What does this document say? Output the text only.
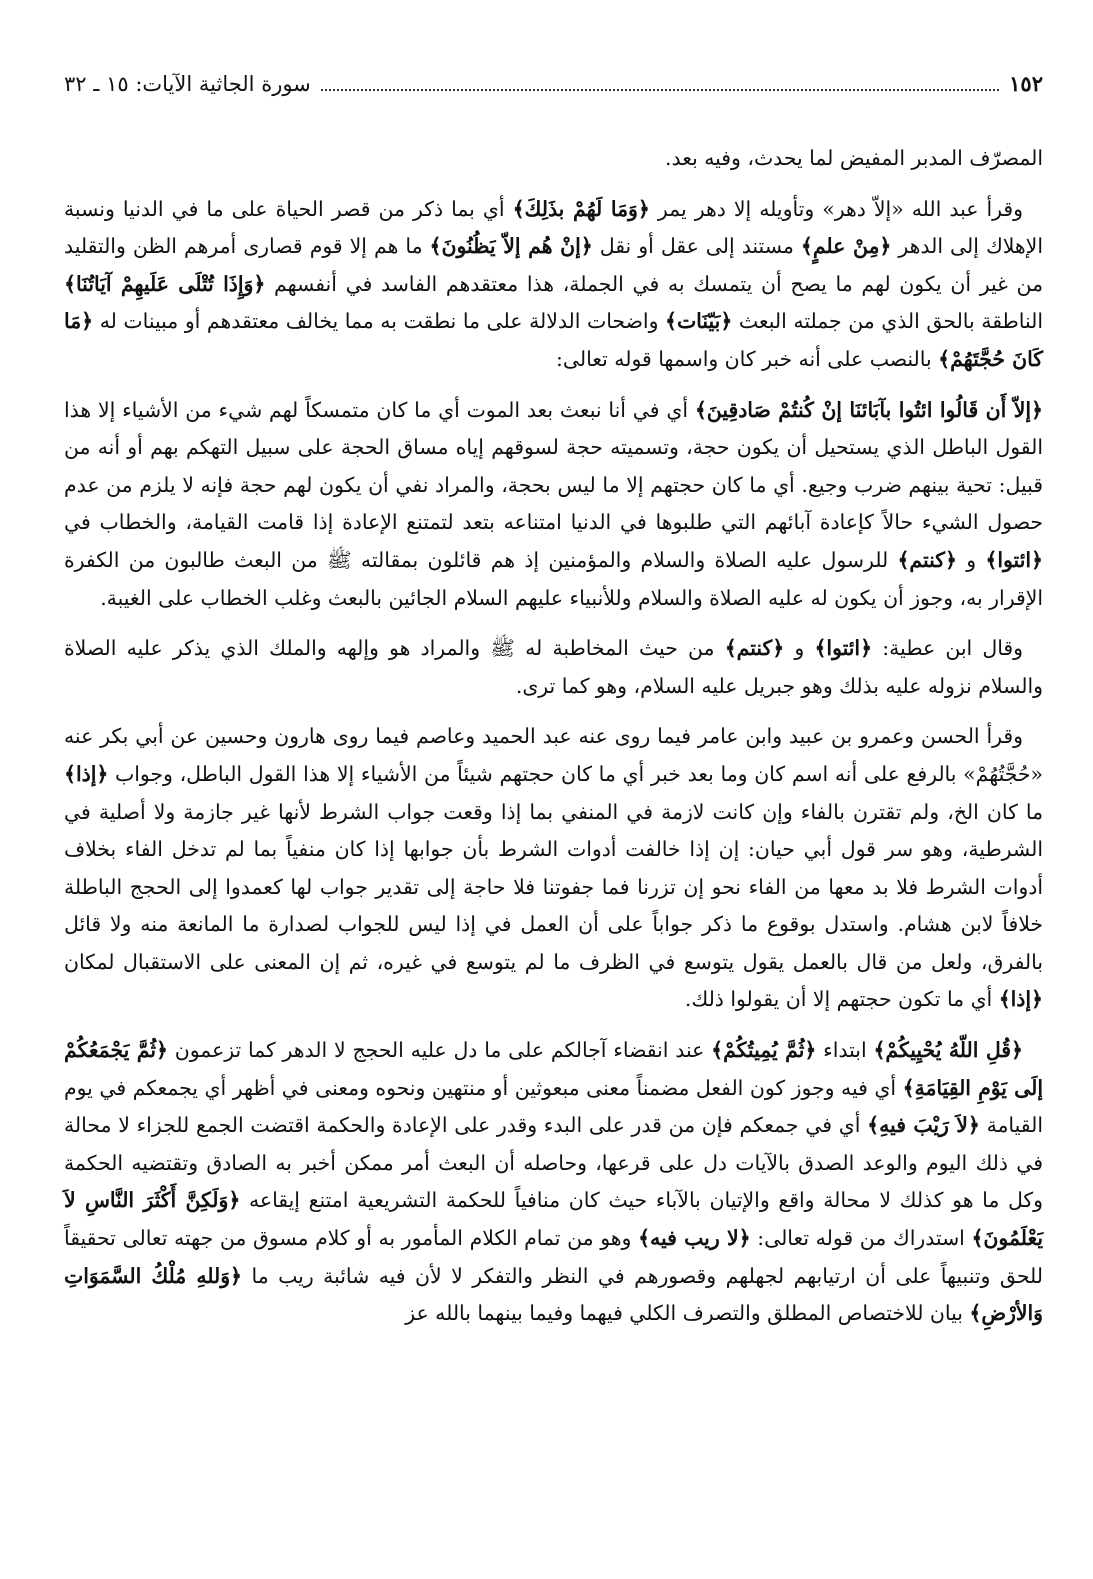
١٥٢
سورة الجاثية الآيات: ١٥ ـ ٣٢

المصرّف المدبر المفيض لما يحدث، وفيه بعد.

وقرأ عبد الله «إلاّ دهر» وتأويله إلا دهر يمر ﴿وَمَا لَهُمْ بذَلِكَ﴾ أي بما ذكر من قصر الحياة على ما في الدنيا ونسبة الإهلاك إلى الدهر ﴿مِنْ علمٍ﴾ مستند إلى عقل أو نقل ﴿إنْ هُم إلاّ يَظُنُونَ﴾ ما هم إلا قوم قصارى أمرهم الظن والتقليد من غير أن يكون لهم ما يصح أن يتمسك به في الجملة، هذا معتقدهم الفاسد في أنفسهم ﴿وَإِذَا تُتْلَى عَلَيهِمْ آيَاتُنَا﴾ الناطقة بالحق الذي من جملته البعث ﴿بَيّنَات﴾ واضحات الدلالة على ما نطقت به مما يخالف معتقدهم أو مبينات له ﴿مَا كَانَ حُجَّتَهُمْ﴾ بالنصب على أنه خبر كان واسمها قوله تعالى:

﴿إلاّ أَن قَالُوا ائتُوا بآبَائنَا إنْ كُنتُمْ صَادقِينَ﴾ أي في أنا نبعث بعد الموت أي ما كان متمسكاً لهم شيء من الأشياء إلا هذا القول الباطل الذي يستحيل أن يكون حجة، وتسميته حجة لسوقهم إياه مساق الحجة على سبيل التهكم بهم أو أنه من قبيل: تحية بينهم ضرب وجيع. أي ما كان حجتهم إلا ما ليس بحجة، والمراد نفي أن يكون لهم حجة فإنه لا يلزم من عدم حصول الشيء حالاً كإعادة آبائهم التي طلبوها في الدنيا امتناعه بتعد لتمتنع الإعادة إذا قامت القيامة، والخطاب في ﴿ائتوا﴾ و ﴿كنتم﴾ للرسول عليه الصلاة والسلام والمؤمنين إذ هم قائلون بمقالته ﷺ من البعث طالبون من الكفرة الإقرار به، وجوز أن يكون له عليه الصلاة والسلام وللأنبياء عليهم السلام الجائين بالبعث وغلب الخطاب على الغيبة.

وقال ابن عطية: ﴿ائتوا﴾ و ﴿كنتم﴾ من حيث المخاطبة له ﷺ والمراد هو وإلهه والملك الذي يذكر عليه الصلاة والسلام نزوله عليه بذلك وهو جبريل عليه السلام، وهو كما ترى.

وقرأ الحسن وعمرو بن عبيد وابن عامر فيما روى عنه عبد الحميد وعاصم فيما روى هارون وحسين عن أبي بكر عنه «حُجَّتُهُمْ» بالرفع على أنه اسم كان وما بعد خبر أي ما كان حجتهم شيئاً من الأشياء إلا هذا القول الباطل، وجواب ﴿إذا﴾ ما كان الخ، ولم تقترن بالفاء وإن كانت لازمة في المنفي بما إذا وقعت جواب الشرط لأنها غير جازمة ولا أصلية في الشرطية، وهو سر قول أبي حيان: إن إذا خالفت أدوات الشرط بأن جوابها إذا كان منفياً بما لم تدخل الفاء بخلاف أدوات الشرط فلا بد معها من الفاء نحو إن تزرنا فما جفوتنا فلا حاجة إلى تقدير جواب لها كعمدوا إلى الحجج الباطلة خلافاً لابن هشام. واستدل بوقوع ما ذكر جواباً على أن العمل في إذا ليس للجواب لصدارة ما المانعة منه ولا قائل بالفرق، ولعل من قال بالعمل يقول يتوسع في الظرف ما لم يتوسع في غيره، ثم إن المعنى على الاستقبال لمكان ﴿إذا﴾ أي ما تكون حجتهم إلا أن يقولوا ذلك.

﴿قُلِ اللّهُ يُحْيِيكُمْ﴾ ابتداء ﴿ثُمَّ يُمِيتُكُمْ﴾ عند انقضاء آجالكم على ما دل عليه الحجج لا الدهر كما تزعمون ﴿ثُمَّ يَجْمَعُكُمْ إلَى يَوْمِ القِيَامَةِ﴾ أي فيه وجوز كون الفعل مضمناً معنى مبعوثين أو منتهين ونحوه ومعنى في أظهر أي يجمعكم في يوم القيامة ﴿لاَ رَيْبَ فيهِ﴾ أي في جمعكم فإن من قدر على البدء وقدر على الإعادة والحكمة اقتضت الجمع للجزاء لا محالة في ذلك اليوم والوعد الصدق بالآيات دل على قرعها، وحاصله أن البعث أمر ممكن أخبر به الصادق وتقتضيه الحكمة وكل ما هو كذلك لا محالة واقع والإتيان بالآباء حيث كان منافياً للحكمة التشريعية امتنع إيقاعه ﴿وَلَكِنَّ أَكْثَرَ النَّاسِ لاَ يَعْلَمُونَ﴾ استدراك من قوله تعالى: ﴿لا ريب فيه﴾ وهو من تمام الكلام المأمور به أو كلام مسوق من جهته تعالى تحقيقاً للحق وتنبيهاً على أن ارتيابهم لجهلهم وقصورهم في النظر والتفكر لا لأن فيه شائبة ريب ما ﴿وَللهِ مُلْكُ السَّمَوَاتِ وَالأرْضِ﴾ بيان للاختصاص المطلق والتصرف الكلي فيهما وفيما بينهما بالله عز
